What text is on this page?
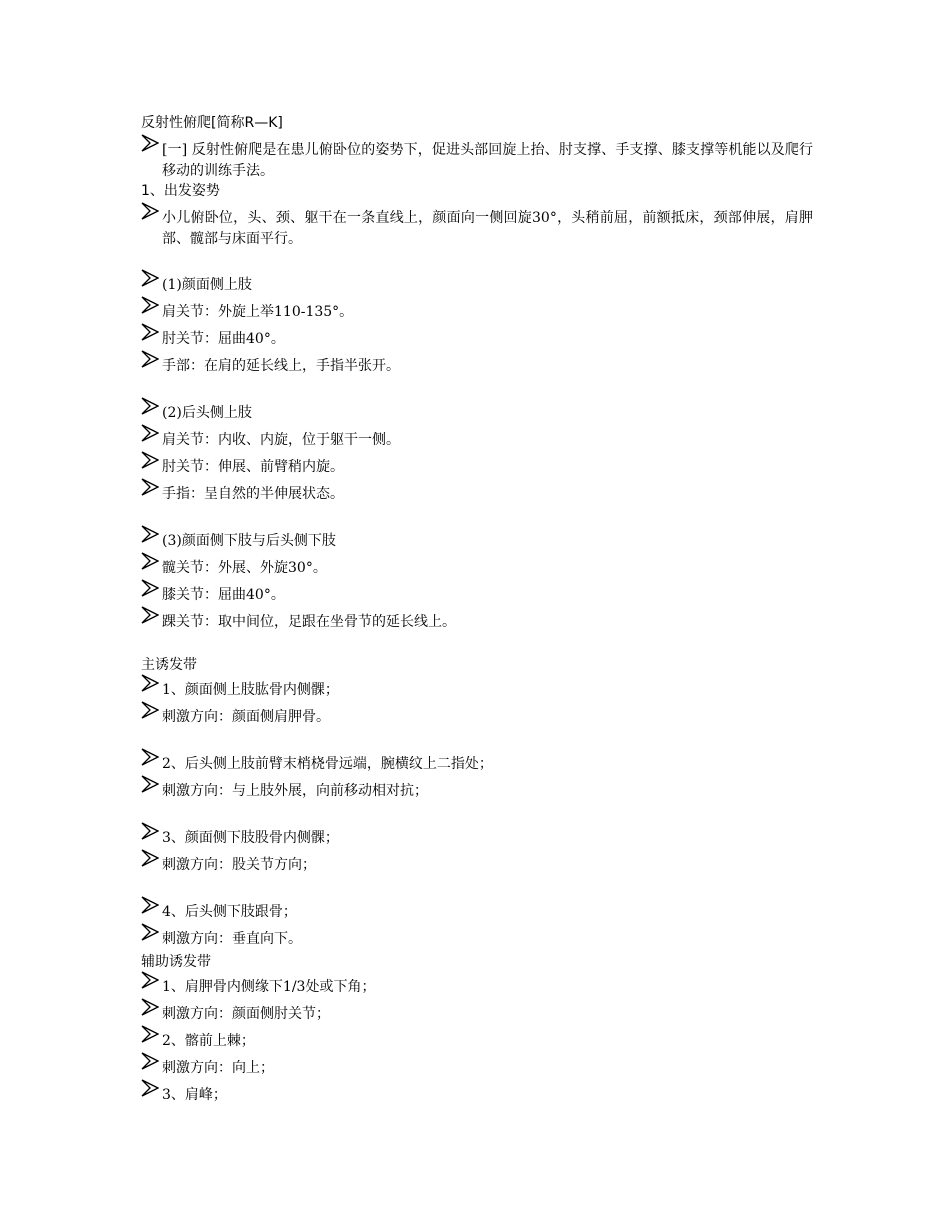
反射性俯爬[简称R—K]
[一] 反射性俯爬是在患儿俯卧位的姿势下，促进头部回旋上抬、肘支撑、手支撑、膝支撑等机能以及爬行移动的训练手法。
1、出发姿势
小儿俯卧位，头、颈、躯干在一条直线上，颜面向一侧回旋30°，头稍前屈，前额抵床，颈部伸展，肩胛部、髋部与床面平行。
(1)颜面侧上肢
肩关节：外旋上举110-135°。
肘关节：屈曲40°。
手部：在肩的延长线上，手指半张开。
(2)后头侧上肢
肩关节：内收、内旋，位于躯干一侧。
肘关节：伸展、前臂稍内旋。
手指：呈自然的半伸展状态。
(3)颜面侧下肢与后头侧下肢
髋关节：外展、外旋30°。
膝关节：屈曲40°。
踝关节：取中间位，足跟在坐骨节的延长线上。
主诱发带
1、颜面侧上肢肱骨内侧髁；
刺激方向：颜面侧肩胛骨。
2、后头侧上肢前臂末梢桡骨远端，腕横纹上二指处；
刺激方向：与上肢外展，向前移动相对抗；
3、颜面侧下肢股骨内侧髁；
刺激方向：股关节方向；
4、后头侧下肢跟骨；
刺激方向：垂直向下。
辅助诱发带
1、肩胛骨内侧缘下1/3处或下角；
刺激方向：颜面侧肘关节；
2、髂前上棘；
刺激方向：向上；
3、肩峰；
